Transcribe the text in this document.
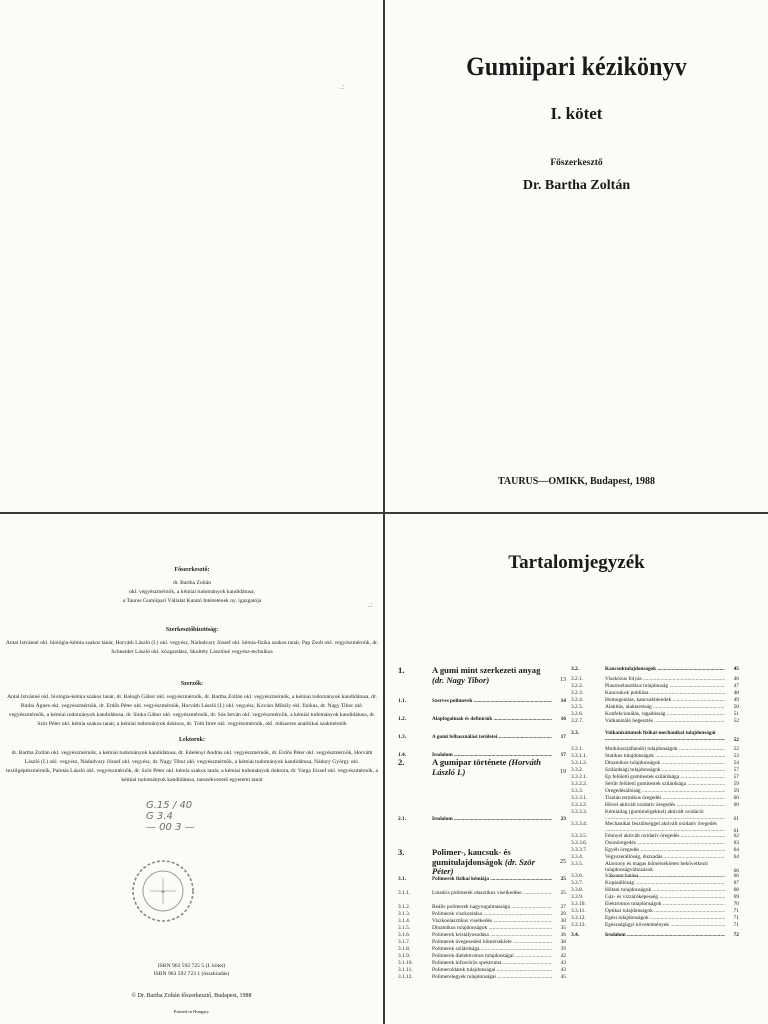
.:
Gumiipari kézikönyv
I. kötet
Főszerkesztő
Dr. Bartha Zoltán
TAURUS—OMIKK, Budapest, 1988
.:
Főszerkesztő:
dr. Bartha Zoltán
okl. vegyészmérnök, a kémiai tudományok kandidátusa,
a Taurus Gumiipari Vállalat Kutató Intézetének ny. igazgatója
Szerkesztőbizottság:
Antal Istvánné okl. biológia-kémia szakos tanár, Horváth László (I.) okl. vegyész, Nádudvary József okl. kémia-fizika szakos tanár, Pap Zsolt okl. vegyészmérnök, dr. Schneider László okl. közgazdász, Skultéty Lászlóné vegyész-technikus
Szerzők:
Antal Istvánné okl. biológia-kémia szakos tanár, dr. Balogh Gábor okl. vegyészmérnök, dr. Bartha Zoltán okl. vegyészmérnök, a kémiai tudományok kandidátusa, dr. Budai Ágnes okl. vegyészmérnök, dr. Erdős Péter okl. vegyészmérnök, Horváth László (I.) okl. vegyész, Kovács Mihály okl. fizikus, dr. Nagy Tibor okl. vegyészmérnök, a kémiai tudományok kandidátusa, dr. Sinka Gábor okl. vegyészmérnök, dr. Sós István okl. vegyészmérnök, a kémiai tudományok kandidátusa, dr. Ször Péter okl. kémia szakos tanár, a kémiai tudományok doktora, dr. Tóth Imre okl. vegyészmérnök, okl. műszeres analitikai szakmérnök
Lektorok:
dr. Bartha Zoltán okl. vegyészmérnök, a kémiai tudományok kandidátusa, dr. Edelényi András okl. vegyészmérnök, dr. Erdős Péter okl. vegyészmérnök, Horváth László (I.) okl. vegyész, Nádudvary József okl. vegyész, dr. Nagy Tibor okl. vegyészmérnök, a kémiai tudományok kandidátusa, Nádory György okl. textilgépészmérnök, Palotás László okl. vegyészmérnök, dr. Ször Péter okl. kémia szakos tanár, a kémiai tudományok doktora, dr. Varga József okl. vegyészmérnök, a kémiai tudományok kandidátusa, tanszékvezető egyetemi tanár
G.15 / 40
G 3.4
— 00 3 —
✦
ISBN 963 592 725 5 (I. kötet)
ISBN 963 592 723 1 (összkiadás)
© Dr. Bartha Zoltán főszerkesztő, Budapest, 1988
Printed in Hungary
Tartalomjegyzék
1.	A gumi mint szerkezeti anyag (dr. Nagy Tibor)	13
1.1.	Szerves polimerek .....	14
1.2.	Alapfogalmak és definíciók .....	16
1.3.	A gumi felhasználási területei .....	17
1.4.	Irodalom .....	17
2.	A gumipar története (Horváth László I.)	19
2.1.	Irodalom .....	23
3.	Polimer-, kaucsuk- és gumitulajdonságok (dr. Ször Péter)
25
3.1.	Polimerek fizikai kémiája .....	25
3.1.1.	Lineáris polimerek elasztikus viselkedése .....	25
3.1.2.	Reális polimerek nagyrugalmassága .....	27
3.1.3.	Polimerek viszkozitása .....	29
3.1.4.	Viszkoelasztikus viselkedés .....	30
3.1.5.	Dinamikus tulajdonságok .....	35
3.1.6.	Polimerek kristályosodása .....	36
3.1.7.	Polimerek üvegesedési hőmérséklete .....	38
3.1.8.	Polimerek szilárdsága .....	39
3.1.9.	Polimerek dielektromos tulajdonságai .....	42
3.1.10.	Polimerek infravörös spektruma .....	43
3.1.11.	Polimeroldatok tulajdonságai .....	43
3.1.12.	Polimerelegyek tulajdonságai .....	45
3.2.	Kaucsuktulajdonságok .....	45
3.2.1.	Viszkózus folyás .....	46
3.2.2.	Plasztoelasztikus tulajdonság .....	47
3.2.3.	Kaucsukok publiása .....	48
3.2.4.	Homogenitás, kaucsukblendek .....	49
3.2.5.	Alakítás, alaktartóság .....	50
3.2.6.	Konfekcionálás, ragadósság .....	51
3.2.7.	Vulkanizáló hegesztés .....	52
3.3.	Vulkanizátumok fizikai-mechanikai tulajdonságai .....
52
3.3.1.	Modulusz(állandó) tulajdonságok .....	52
3.3.1.1.	Statikus tulajdonságok .....	53
3.3.1.2.	Dinamikus tulajdonságok .....	54
3.3.2.	Szilárdsági tulajdonságok .....	57
3.3.2.1.	Ép felületű gumitestek szilárdsága .....	57
3.3.2.2.	Sérült felületű gumitestek szilárdsága .....	59
3.3.3.	Öregedésállóság .....	59
3.3.3.1.	Tisztán termikus öregedés .....	60
3.3.3.2.	Hővel aktivált oxidatív öregedés .....	60
3.3.3.3.	Kémiailag (gumimérgekkel) aktivált oxidáció .....
61
3.3.3.4.	Mechanikai feszültséggel aktivált oxidatív öregedés .....
61
3.3.3.5.	Fénnyel aktivált oxidatív öregedés .....	62
3.3.3.6.	Ózonöregedés .....	63
3.3.3.7.	Egyéb öregedés .....	64
3.3.4.	Vegyszerállóság, duzzadás .....	64
3.3.5.	Alacsony és magas hőmérsékleten bekövetkező tulajdonságváltozások .....	66
3.3.6.	Vákuum hatása .....	66
3.3.7.	Kopásállóság .....	67
3.3.8.	Hőtani tulajdonságok .....	68
3.3.9.	Gáz- és vízzáróképesség .....	69
3.3.10.	Elektromos tulajdonságok .....	70
3.3.11.	Optikai tulajdonságok .....	71
3.3.12.	Égési tulajdonságok .....	71
3.3.13.	Egészségügyi követelmények .....	71
3.4.	Irodalom .....	72
